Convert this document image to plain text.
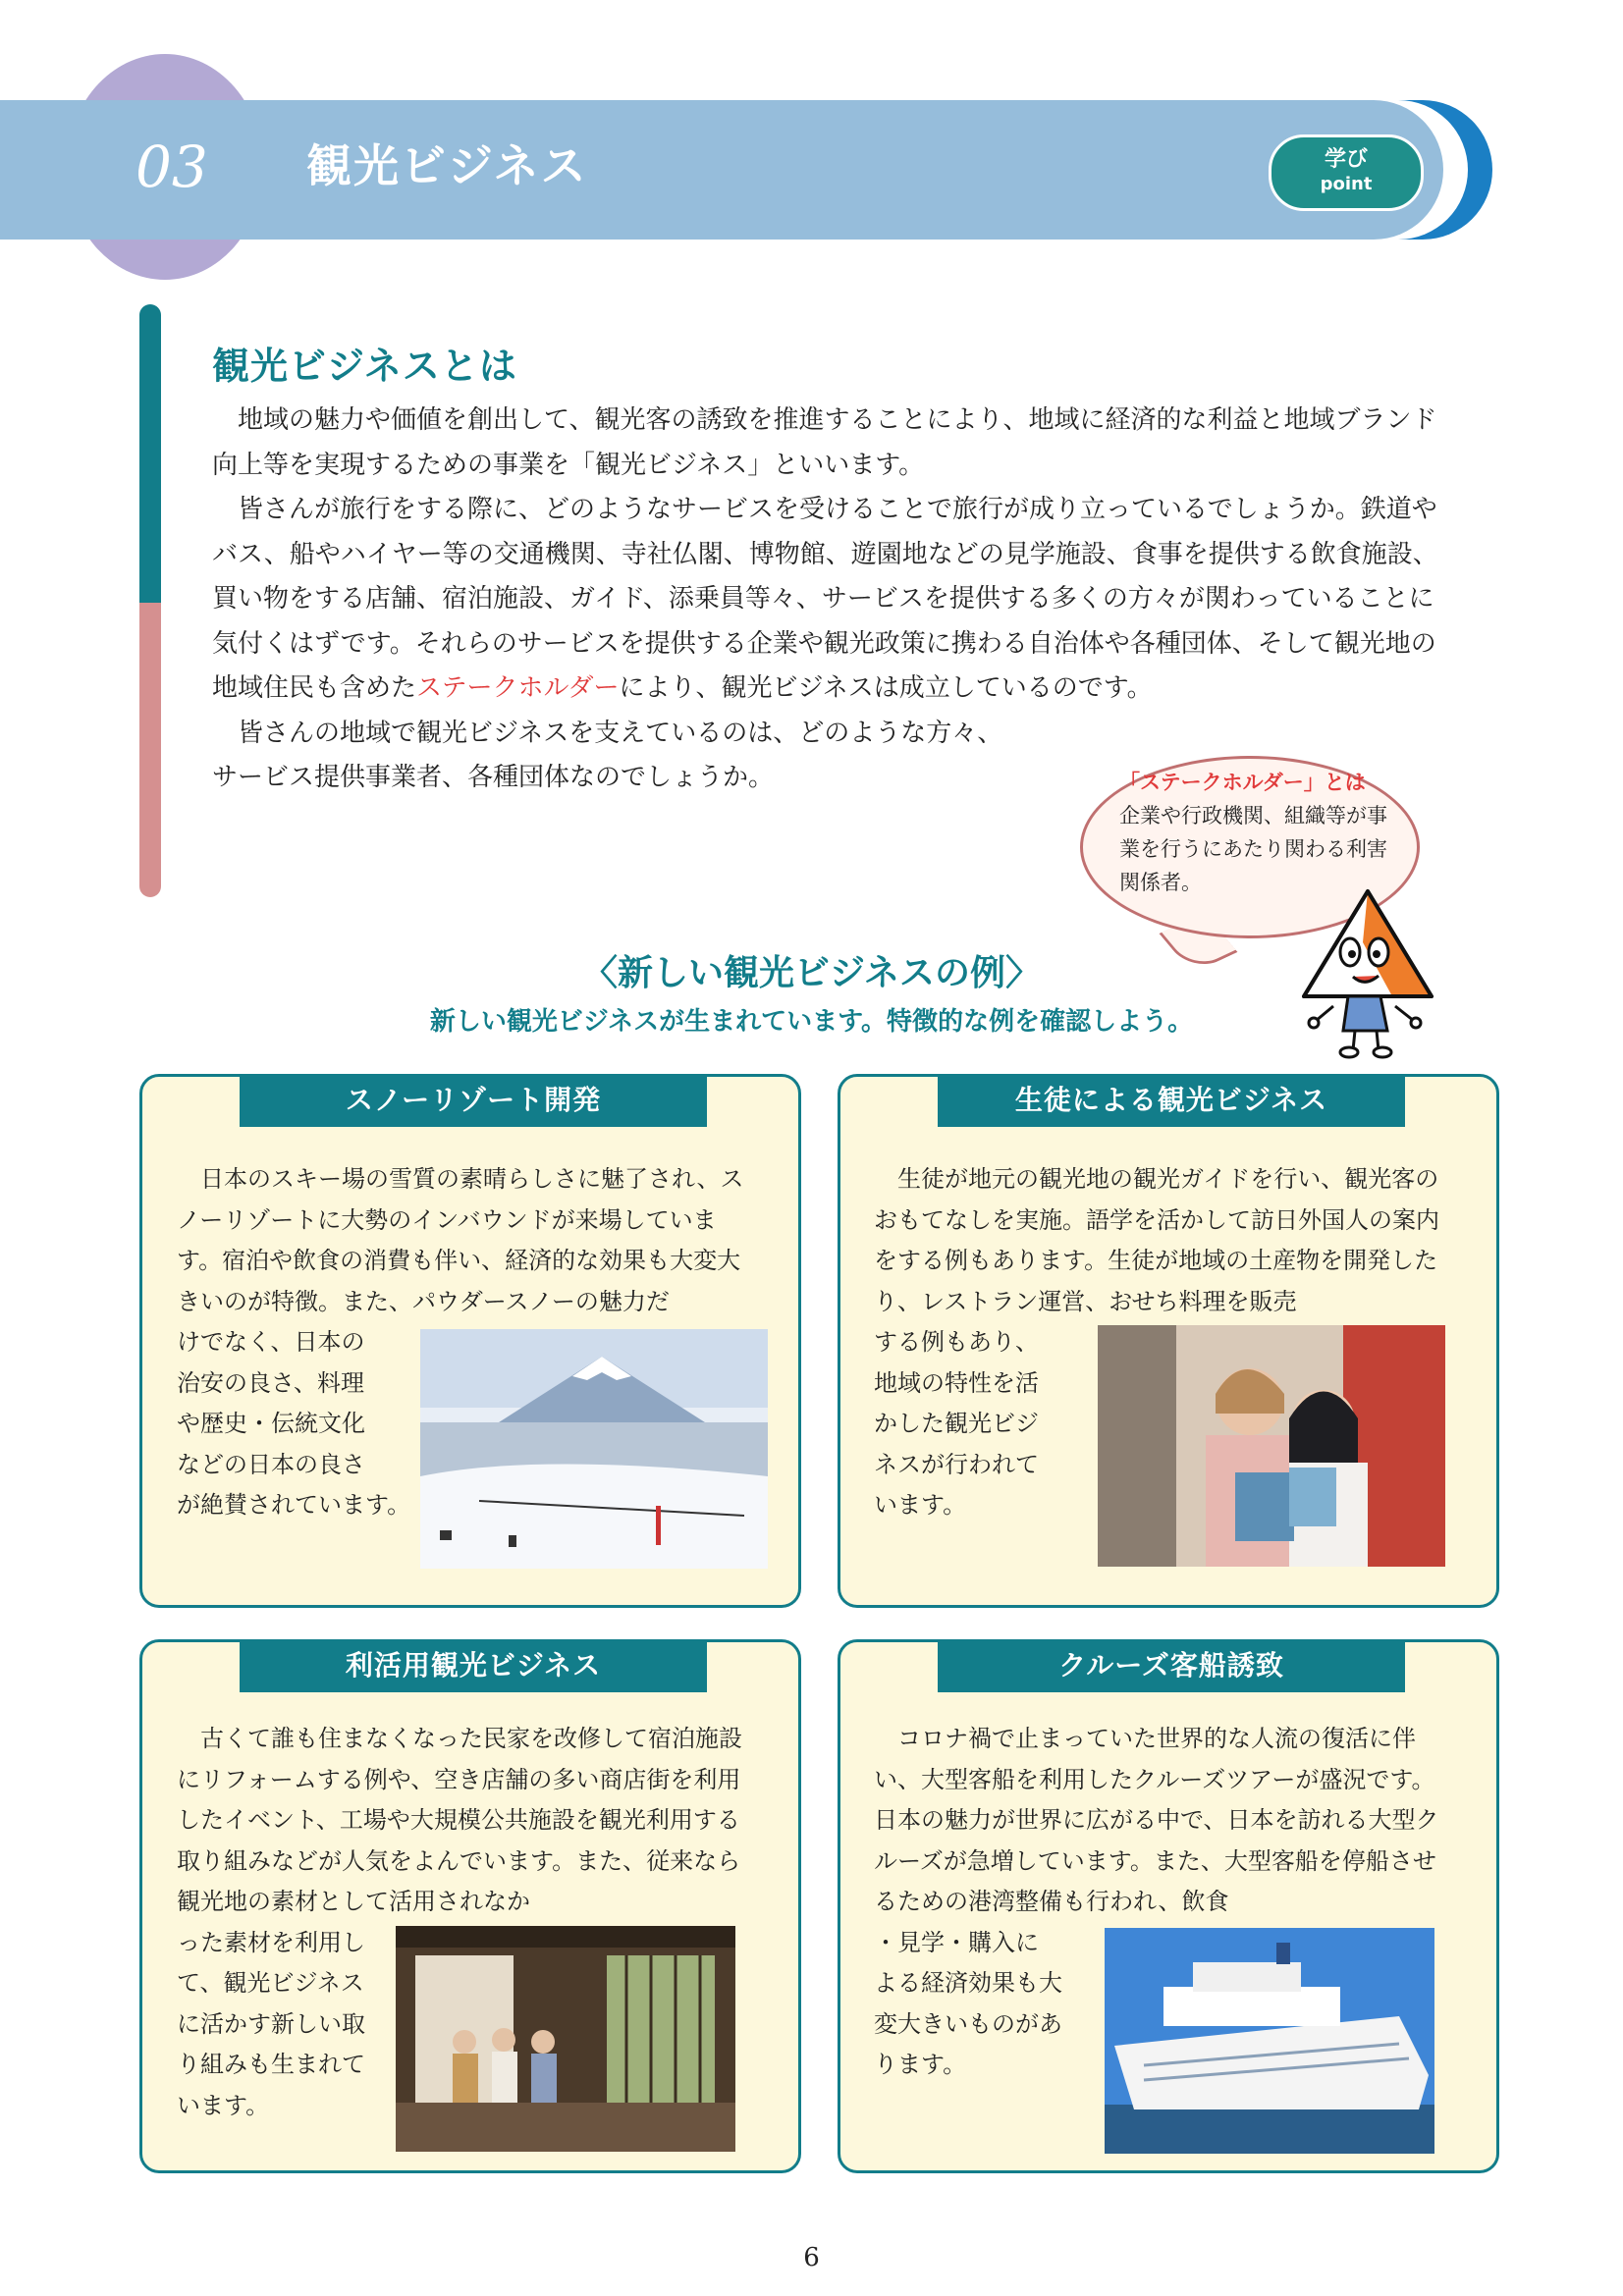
03 観光ビジネス	学び
point
観光ビジネスとは

地域の魅力や価値を創出して、観光客の誘致を推進することにより、地域に経済的な利益と地域ブランド向上等を実現するための事業を「観光ビジネス」といいます。

皆さんが旅行をする際に、どのようなサービスを受けることで旅行が成り立っているでしょうか。鉄道やバス、船やハイヤー等の交通機関、寺社仏閣、博物館、遊園地などの見学施設、食事を提供する飲食施設、買い物をする店舗、宿泊施設、ガイド、添乗員等々、サービスを提供する多くの方々が関わっていることに気付くはずです。それらのサービスを提供する企業や観光政策に携わる自治体や各種団体、そして観光地の地域住民も含めたステークホルダーにより、観光ビジネスは成立しているのです。

皆さんの地域で観光ビジネスを支えているのは、どのような方々、

サービス提供事業者、各種団体なのでしょうか。	「ステークホルダー」とは
企業や行政機関、組織等が事業を行うにあたり関わる利害関係者。
〈新しい観光ビジネスの例〉
新しい観光ビジネスが生まれています。特徴的な例を確認しよう。
スノーリゾート開発

日本のスキー場の雪質の素晴らしさに魅了され、スノーリゾートに大勢のインバウンドが来場しています。宿泊や飲食の消費も伴い、経済的な効果も大変大きいのが特徴。また、パウダースノーの魅力だ

けでなく、日本の

治安の良さ、料理

や歴史・伝統文化

などの日本の良さ

が絶賛されています。

生徒による観光ビジネス

生徒が地元の観光地の観光ガイドを行い、観光客のおもてなしを実施。語学を活かして訪日外国人の案内をする例もあります。生徒が地域の土産物を開発したり、レストラン運営、おせち料理を販売

する例もあり、

地域の特性を活

かした観光ビジ

ネスが行われて

います。

利活用観光ビジネス

古くて誰も住まなくなった民家を改修して宿泊施設にリフォームする例や、空き店舗の多い商店街を利用したイベント、工場や大規模公共施設を観光利用する取り組みなどが人気をよんでいます。また、従来なら観光地の素材として活用されなか

った素材を利用し

て、観光ビジネス

に活かす新しい取

り組みも生まれて

います。

クルーズ客船誘致

コロナ禍で止まっていた世界的な人流の復活に伴い、大型客船を利用したクルーズツアーが盛況です。日本の魅力が世界に広がる中で、日本を訪れる大型クルーズが急増しています。また、大型客船を停船させるための港湾整備も行われ、飲食

・見学・購入に

よる経済効果も大

変大きいものがあ

ります。

6
